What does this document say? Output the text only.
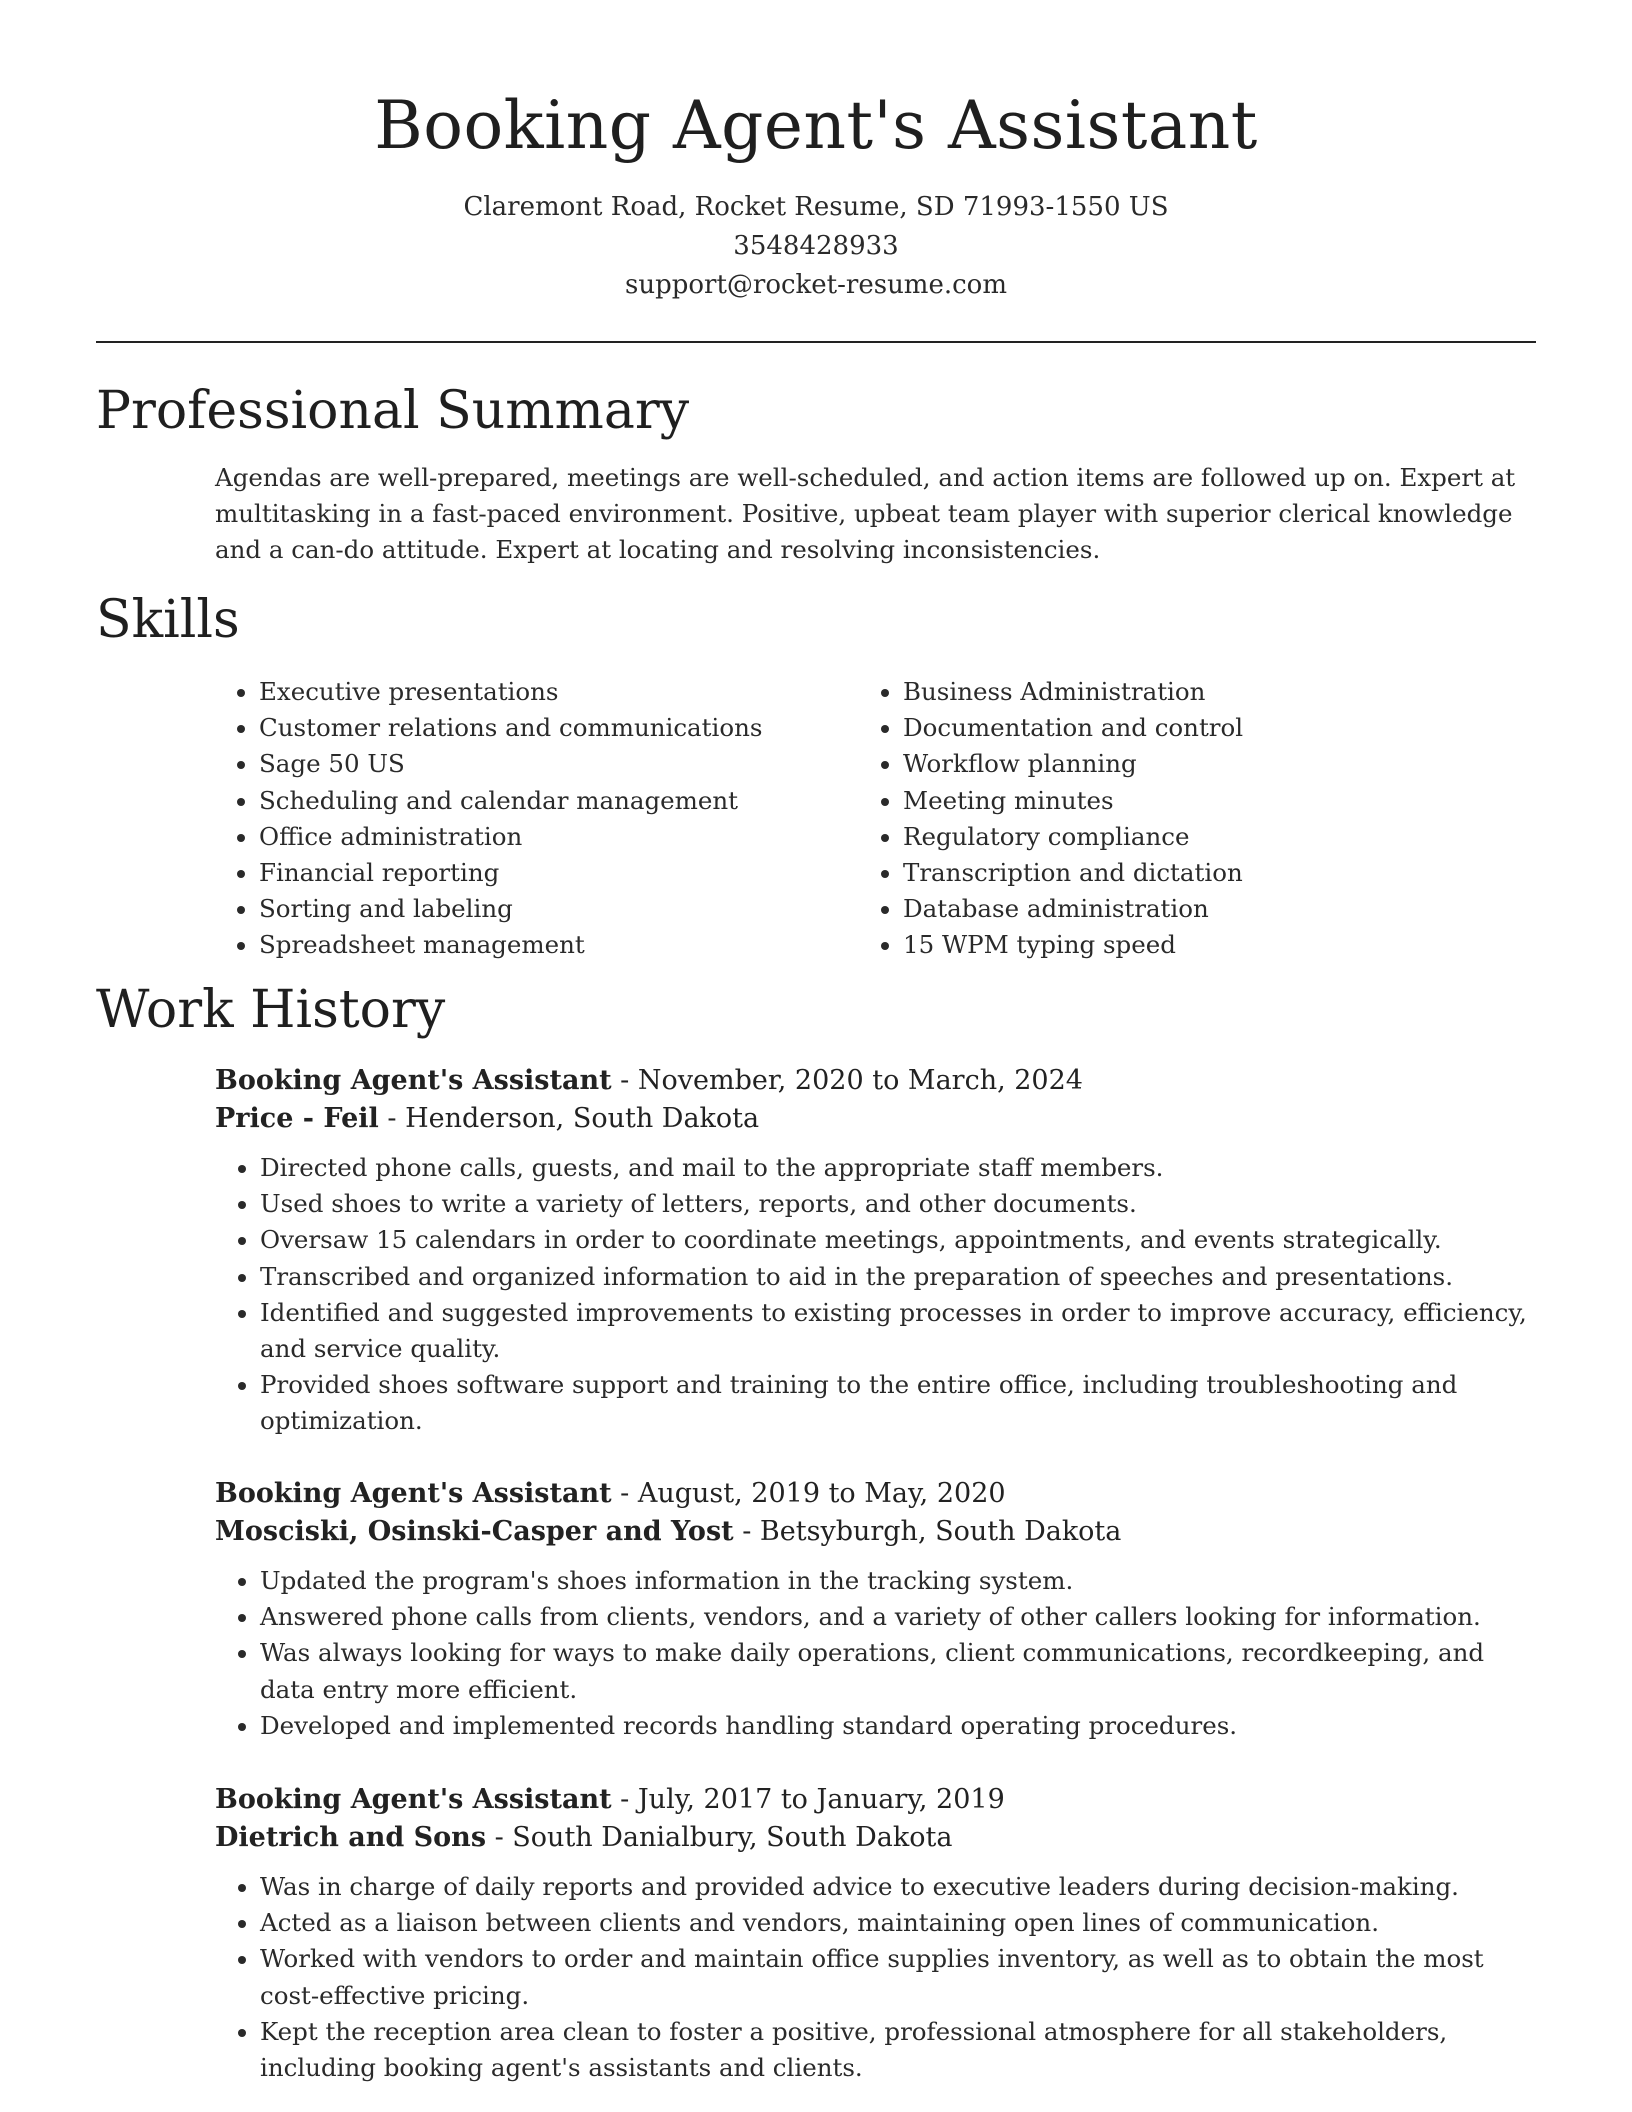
Booking Agent's Assistant
Claremont Road, Rocket Resume, SD 71993-1550 US
3548428933
support@rocket-resume.com
Professional Summary

Agendas are well-prepared, meetings are well-scheduled, and action items are followed up on. Expert at multitasking in a fast-paced environment. Positive, upbeat team player with superior clerical knowledge and a can-do attitude. Expert at locating and resolving inconsistencies.

Skills
• Executive presentations
• Customer relations and communications
• Sage 50 US
• Scheduling and calendar management
• Office administration
• Financial reporting
• Sorting and labeling
• Spreadsheet management
• Business Administration
• Documentation and control
• Workflow planning
• Meeting minutes
• Regulatory compliance
• Transcription and dictation
• Database administration
• 15 WPM typing speed
Work History

Booking Agent's Assistant - November, 2020 to March, 2024

Price - Feil - Henderson, South Dakota

• Directed phone calls, guests, and mail to the appropriate staff members.
• Used shoes to write a variety of letters, reports, and other documents.
• Oversaw 15 calendars in order to coordinate meetings, appointments, and events strategically.
• Transcribed and organized information to aid in the preparation of speeches and presentations.
• Identified and suggested improvements to existing processes in order to improve accuracy, efficiency, and service quality.
• Provided shoes software support and training to the entire office, including troubleshooting and optimization.

Booking Agent's Assistant - August, 2019 to May, 2020

Mosciski, Osinski-Casper and Yost - Betsyburgh, South Dakota

• Updated the program's shoes information in the tracking system.
• Answered phone calls from clients, vendors, and a variety of other callers looking for information.
• Was always looking for ways to make daily operations, client communications, recordkeeping, and data entry more efficient.
• Developed and implemented records handling standard operating procedures.

Booking Agent's Assistant - July, 2017 to January, 2019

Dietrich and Sons - South Danialbury, South Dakota

• Was in charge of daily reports and provided advice to executive leaders during decision-making.
• Acted as a liaison between clients and vendors, maintaining open lines of communication.
• Worked with vendors to order and maintain office supplies inventory, as well as to obtain the most cost-effective pricing.
• Kept the reception area clean to foster a positive, professional atmosphere for all stakeholders, including booking agent's assistants and clients.
